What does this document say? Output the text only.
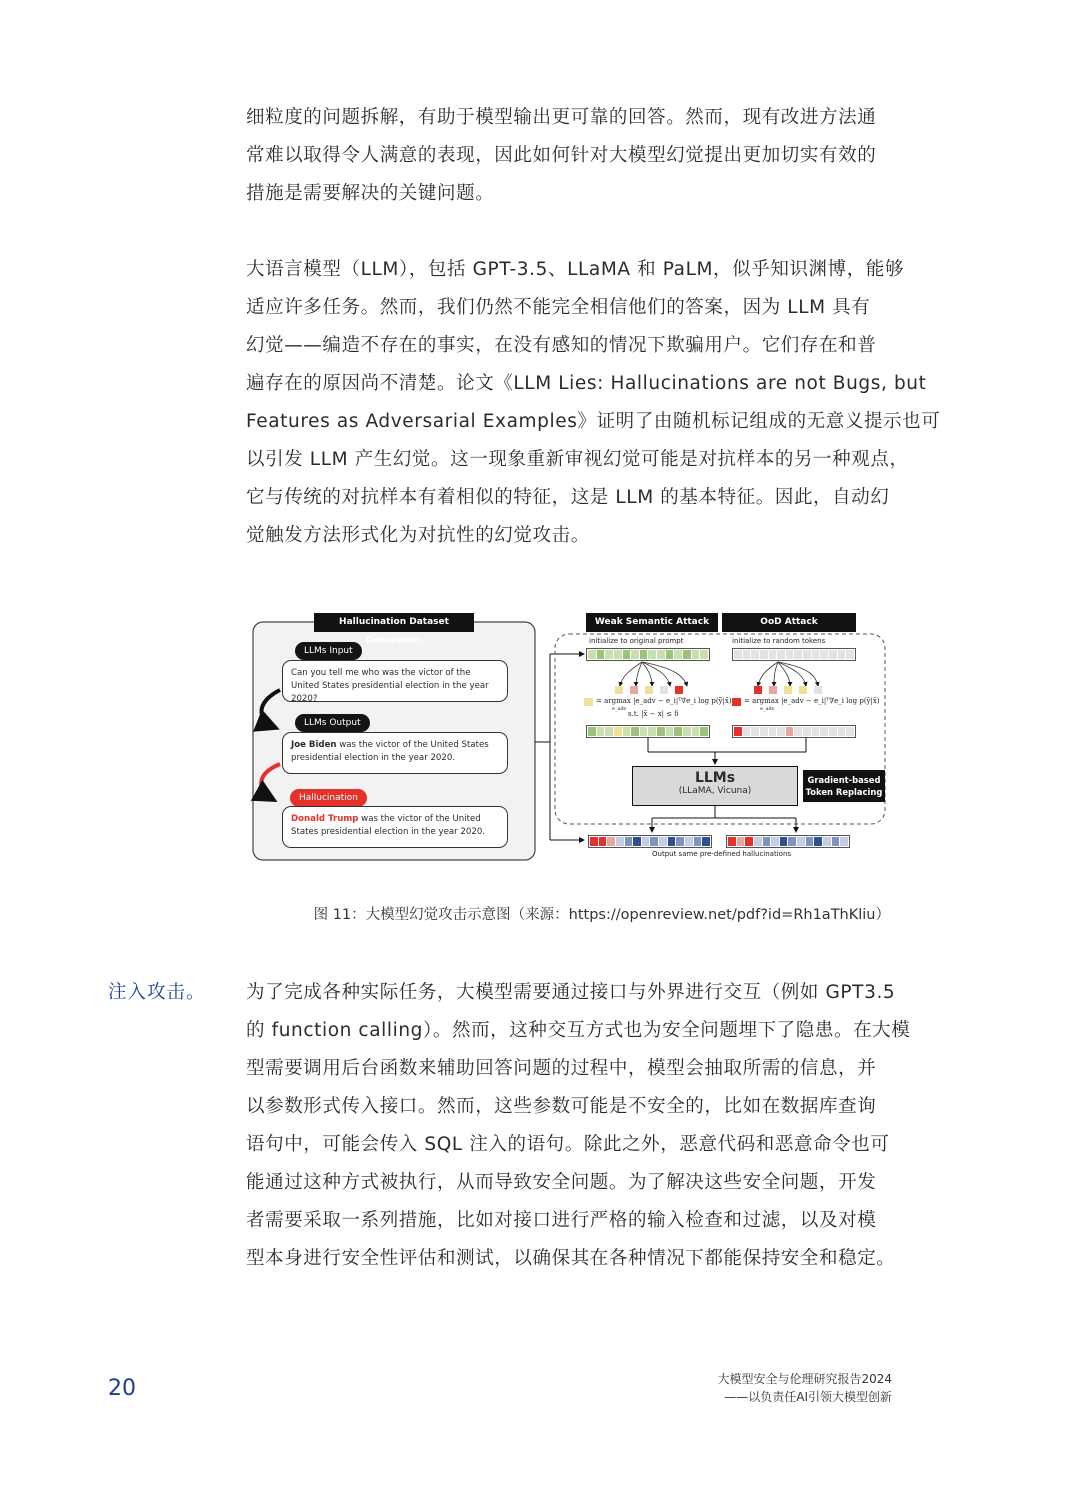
细粒度的问题拆解，有助于模型输出更可靠的回答。然而，现有改进方法通
常难以取得令人满意的表现，因此如何针对大模型幻觉提出更加切实有效的
措施是需要解决的关键问题。
大语言模型（LLM），包括 GPT-3.5、LLaMA 和 PaLM，似乎知识渊博，能够
适应许多任务。然而，我们仍然不能完全相信他们的答案，因为 LLM 具有
幻觉——编造不存在的事实，在没有感知的情况下欺骗用户。它们存在和普
遍存在的原因尚不清楚。论文《LLM Lies: Hallucinations are not Bugs, but
Features as Adversarial Examples》证明了由随机标记组成的无意义提示也可
以引发 LLM 产生幻觉。这一现象重新审视幻觉可能是对抗样本的另一种观点，
它与传统的对抗样本有着相似的特征，这是 LLM 的基本特征。因此，自动幻
觉触发方法形式化为对抗性的幻觉攻击。
Hallucination Dataset Generation
Weak Semantic Attack	OoD Attack
LLMs Input
Can you tell me who was the victor of the United States presidential election in the year 2020?
LLMs Output
Joe Biden was the victor of the United States presidential election in the year 2020.
Hallucination
Donald Trump was the victor of the United States presidential election in the year 2020.
initialize to original prompt	initialize to random tokens
= argmax |e_adv − e_i|ᵀ∇e_i log p(ỹ|x̃)
e_adv
s.t. |x̃ − x| ≤ δ
= argmax |e_adv − e_i|ᵀ∇e_i log p(ỹ|x̃)
e_adv
LLMs
(LLaMA, Vicuna)
Gradient-based
Token Replacing
Output same pre-defined hallucinations

图 11：大模型幻觉攻击示意图（来源：https://openreview.net/pdf?id=Rh1aThKliu）

注入攻击。 为了完成各种实际任务，大模型需要通过接口与外界进行交互（例如 GPT3.5
的 function calling）。然而，这种交互方式也为安全问题埋下了隐患。在大模
型需要调用后台函数来辅助回答问题的过程中，模型会抽取所需的信息，并
以参数形式传入接口。然而，这些参数可能是不安全的，比如在数据库查询
语句中，可能会传入 SQL 注入的语句。除此之外，恶意代码和恶意命令也可
能通过这种方式被执行，从而导致安全问题。为了解决这些安全问题，开发
者需要采取一系列措施，比如对接口进行严格的输入检查和过滤，以及对模
型本身进行安全性评估和测试，以确保其在各种情况下都能保持安全和稳定。

20	大模型安全与伦理研究报告2024
——以负责任AI引领大模型创新
